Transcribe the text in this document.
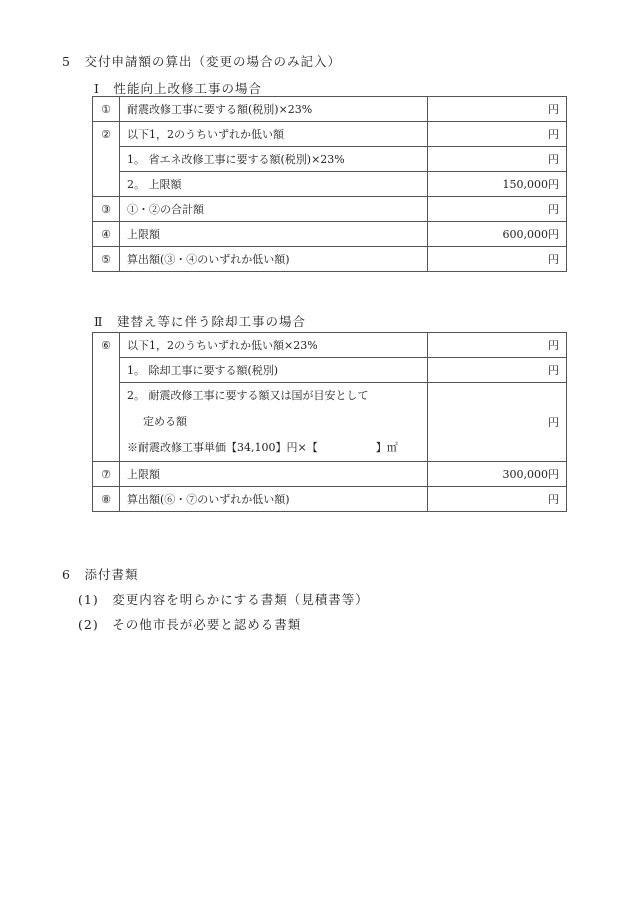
5　交付申請額の算出（変更の場合のみ記入）
Ⅰ　性能向上改修工事の場合
①	耐震改修工事に要する額(税別)×23%	円
②	以下1，2のうちいずれか低い額	円
	1。 省エネ改修工事に要する額(税別)×23%	円
	2。 上限額	150,000円
③	①・②の合計額	円
④	上限額	600,000円
⑤	算出額(③・④のいずれか低い額)	円
Ⅱ　建替え等に伴う除却工事の場合
⑥	以下1，2のうちいずれか低い額×23%	円
	1。 除却工事に要する額(税別)	円

	2。 耐震改修工事に要する額又は国が目安として
定める額
※耐震改修工事単価【34,100】円×【 】㎡	円
⑦	上限額	300,000円
⑧	算出額(⑥・⑦のいずれか低い額)	円
6　添付書類
(1)　変更内容を明らかにする書類（見積書等）
(2)　その他市長が必要と認める書類
